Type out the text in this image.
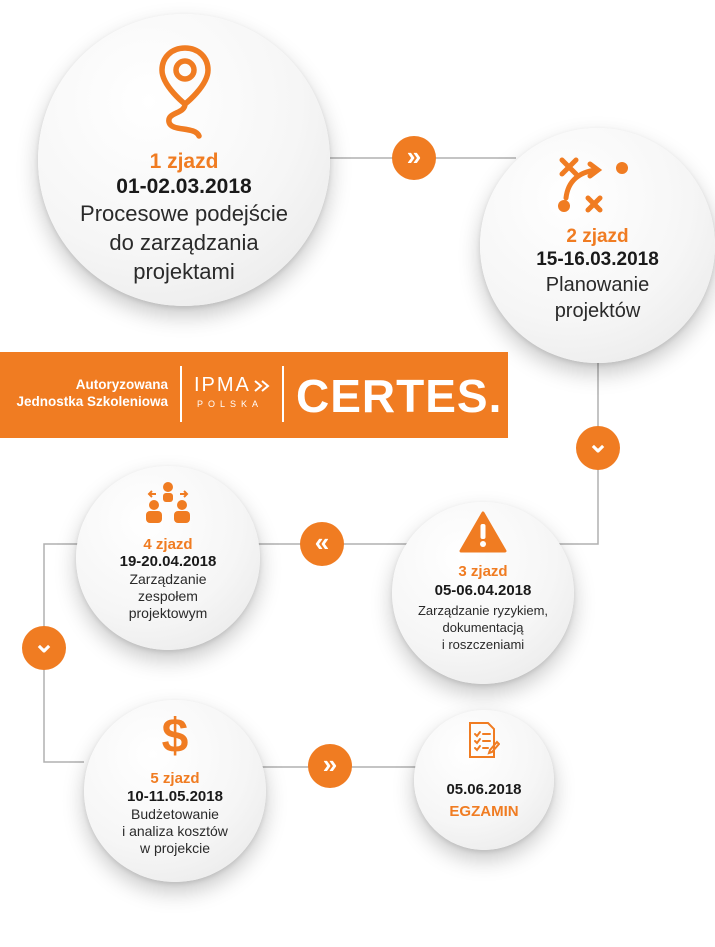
1 zjazd
01-02.03.2018
Procesowe podejście
do zarządzania
projektami
2 zjazd
15-16.03.2018
Planowanie
projektów
Autoryzowana
Jednostka Szkoleniowa
IPMA
POLSKA CERTES.
3 zjazd
05-06.04.2018
Zarządzanie ryzykiem,
dokumentacją
i roszczeniami
4 zjazd
19-20.04.2018
Zarządzanie
zespołem
projektowym
$
5 zjazd
10-11.05.2018
Budżetowanie
i analiza kosztów
w projekcie
05.06.2018
EGZAMIN
»
⌄
«
⌄
»
